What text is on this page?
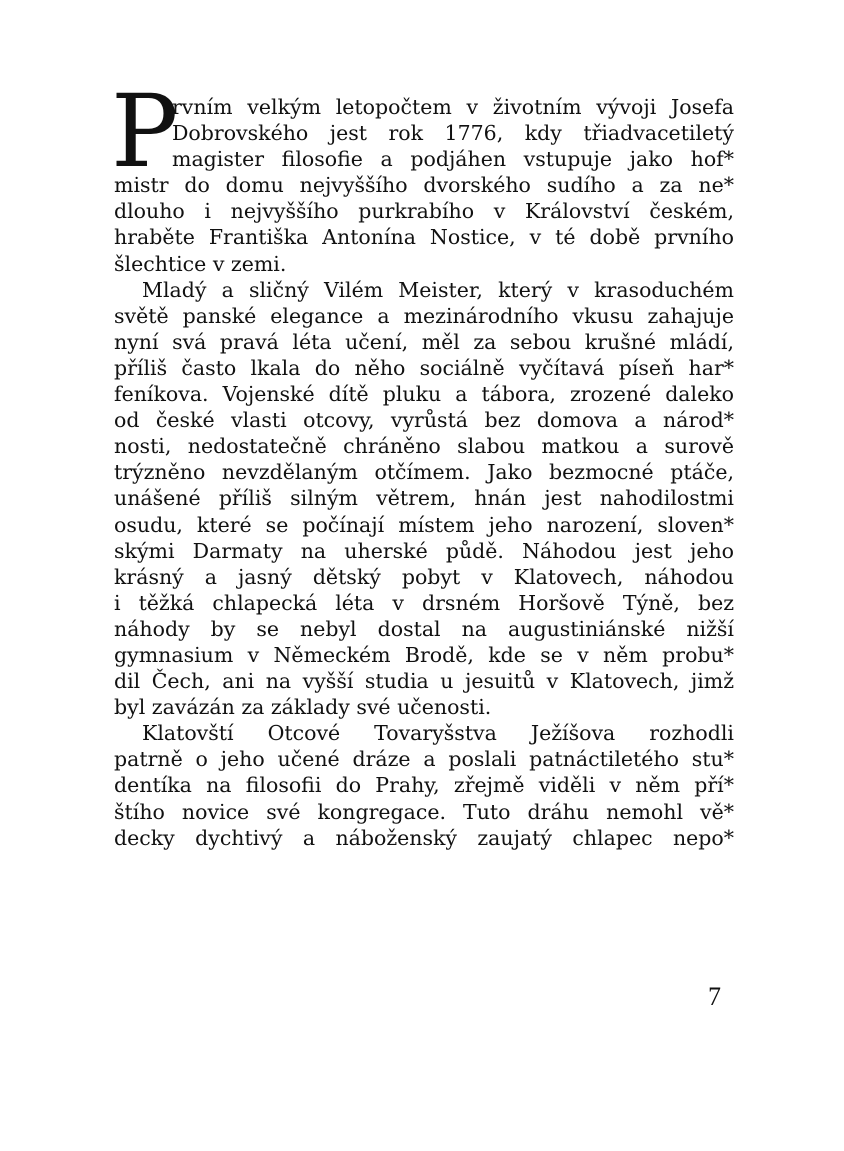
P
rvním velkým letopočtem v životním vývoji Josefa
Dobrovského jest rok 1776, kdy třiadvacetiletý
magister filosofie a podjáhen vstupuje jako hof*
mistr do domu nejvyššího dvorského sudího a za ne*
dlouho i nejvyššího purkrabího v Království českém,
hraběte Františka Antonína Nostice, v té době prvního
šlechtice v zemi.
Mladý a sličný Vilém Meister, který v krasoduchém
světě panské elegance a mezinárodního vkusu zahajuje
nyní svá pravá léta učení, měl za sebou krušné mládí,
příliš často lkala do něho sociálně vyčítavá píseň har*
feníkova. Vojenské dítě pluku a tábora, zrozené daleko
od české vlasti otcovy, vyrůstá bez domova a národ*
nosti, nedostatečně chráněno slabou matkou a surově
trýzněno nevzdělaným otčímem. Jako bezmocné ptáče,
unášené příliš silným větrem, hnán jest nahodilostmi
osudu, které se počínají místem jeho narození, sloven*
skými Darmaty na uherské půdě. Náhodou jest jeho
krásný a jasný dětský pobyt v Klatovech, náhodou
i těžká chlapecká léta v drsném Horšově Týně, bez
náhody by se nebyl dostal na augustiniánské nižší
gymnasium v Německém Brodě, kde se v něm probu*
dil Čech, ani na vyšší studia u jesuitů v Klatovech, jimž
byl zavázán za základy své učenosti.
Klatovští Otcové Tovaryšstva Ježíšova rozhodli
patrně o jeho učené dráze a poslali patnáctiletého stu*
dentíka na filosofii do Prahy, zřejmě viděli v něm pří*
štího novice své kongregace. Tuto dráhu nemohl vě*
decky dychtivý a náboženský zaujatý chlapec nepo*
7
